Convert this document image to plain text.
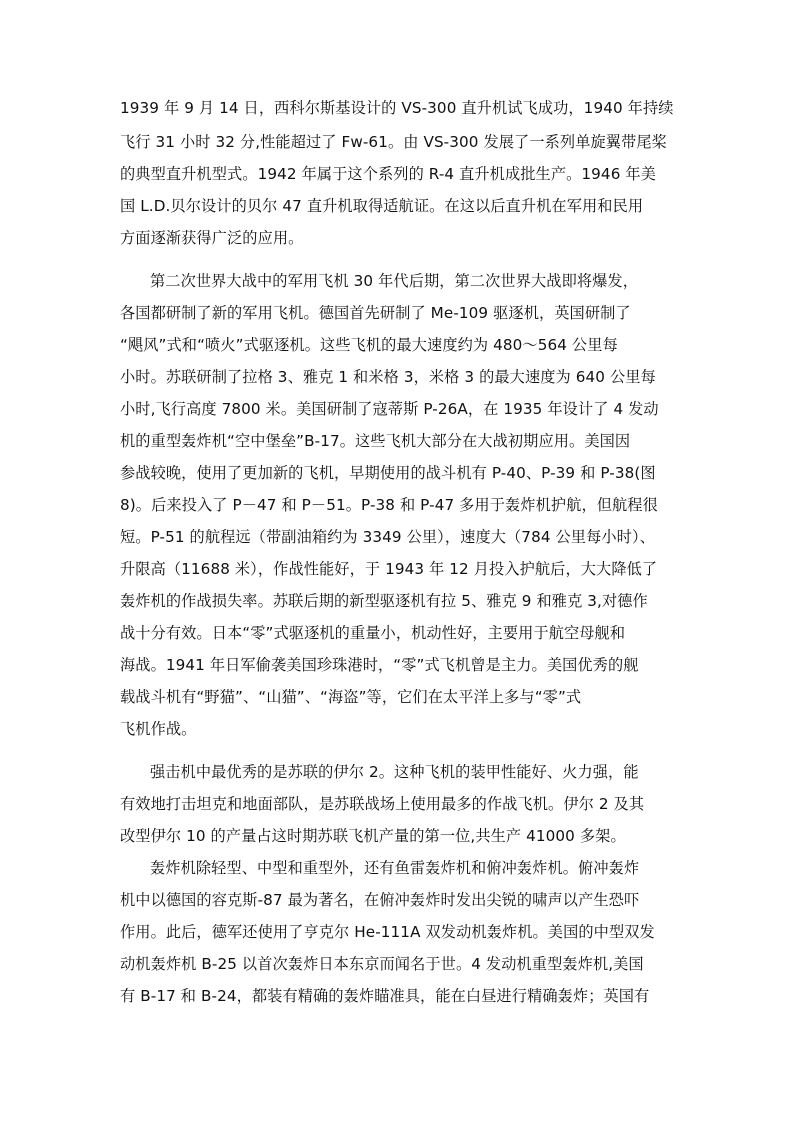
1939 年 9 月 14 日，西科尔斯基设计的 VS-300 直升机试飞成功，1940 年持续

飞行 31 小时 32 分,性能超过了 Fw-61。由 VS-300 发展了一系列单旋翼带尾桨

的典型直升机型式。1942 年属于这个系列的 R-4 直升机成批生产。1946 年美

国 L.D.贝尔设计的贝尔 47 直升机取得适航证。在这以后直升机在军用和民用

方面逐渐获得广泛的应用。

第二次世界大战中的军用飞机 30 年代后期，第二次世界大战即将爆发，

各国都研制了新的军用飞机。德国首先研制了 Me-109 驱逐机，英国研制了

“飓风”式和“喷火”式驱逐机。这些飞机的最大速度约为 480～564 公里每

小时。苏联研制了拉格 3、雅克 1 和米格 3，米格 3 的最大速度为 640 公里每

小时,飞行高度 7800 米。美国研制了寇蒂斯 P-26A，在 1935 年设计了 4 发动

机的重型轰炸机“空中堡垒”B-17。这些飞机大部分在大战初期应用。美国因

参战较晚，使用了更加新的飞机，早期使用的战斗机有 P-40、P-39 和 P-38(图

8)。后来投入了 P－47 和 P－51。P-38 和 P-47 多用于轰炸机护航，但航程很

短。P-51 的航程远（带副油箱约为 3349 公里），速度大（784 公里每小时）、

升限高（11688 米），作战性能好，于 1943 年 12 月投入护航后，大大降低了

轰炸机的作战损失率。苏联后期的新型驱逐机有拉 5、雅克 9 和雅克 3,对德作

战十分有效。日本“零”式驱逐机的重量小，机动性好，主要用于航空母舰和

海战。1941 年日军偷袭美国珍珠港时，“零”式飞机曾是主力。美国优秀的舰

载战斗机有“野猫”、“山猫”、“海盗”等，它们在太平洋上多与“零”式

飞机作战。

强击机中最优秀的是苏联的伊尔 2。这种飞机的装甲性能好、火力强，能

有效地打击坦克和地面部队，是苏联战场上使用最多的作战飞机。伊尔 2 及其

改型伊尔 10 的产量占这时期苏联飞机产量的第一位,共生产 41000 多架。

轰炸机除轻型、中型和重型外，还有鱼雷轰炸机和俯冲轰炸机。俯冲轰炸

机中以德国的容克斯-87 最为著名，在俯冲轰炸时发出尖锐的啸声以产生恐吓

作用。此后，德军还使用了亨克尔 He-111A 双发动机轰炸机。美国的中型双发

动机轰炸机 B-25 以首次轰炸日本东京而闻名于世。4 发动机重型轰炸机,美国

有 B-17 和 B-24，都装有精确的轰炸瞄准具，能在白昼进行精确轰炸；英国有
